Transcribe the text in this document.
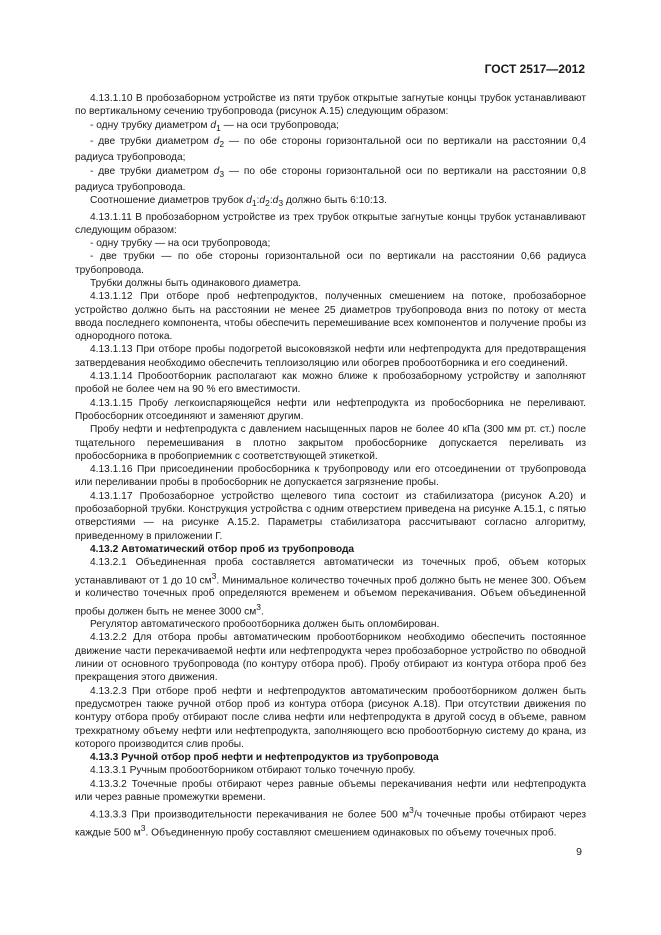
ГОСТ 2517—2012

4.13.1.10 В пробозаборном устройстве из пяти трубок открытые загнутые концы трубок устанавливают по вертикальному сечению трубопровода (рисунок А.15) следующим образом:

- одну трубку диаметром $d_1$ — на оси трубопровода;

- две трубки диаметром $d_2$ — по обе стороны горизонтальной оси по вертикали на расстоянии 0,4 радиуса трубопровода;

- две трубки диаметром $d_3$ — по обе стороны горизонтальной оси по вертикали на расстоянии 0,8 радиуса трубопровода.

Соотношение диаметров трубок $d_1:d_2:d_3$ должно быть 6:10:13.

4.13.1.11 В пробозаборном устройстве из трех трубок открытые загнутые концы трубок устанавливают следующим образом:

- одну трубку — на оси трубопровода;

- две трубки — по обе стороны горизонтальной оси по вертикали на расстоянии 0,66 радиуса трубопровода.

Трубки должны быть одинакового диаметра.

4.13.1.12 При отборе проб нефтепродуктов, полученных смешением на потоке, пробозаборное устройство должно быть на расстоянии не менее 25 диаметров трубопровода вниз по потоку от места ввода последнего компонента, чтобы обеспечить перемешивание всех компонентов и получение пробы из однородного потока.

4.13.1.13 При отборе пробы подогретой высоковязкой нефти или нефтепродукта для предотвращения затвердевания необходимо обеспечить теплоизоляцию или обогрев пробоотборника и его соединений.

4.13.1.14 Пробоотборник располагают как можно ближе к пробозаборному устройству и заполняют пробой не более чем на 90 % его вместимости.

4.13.1.15 Пробу легкоиспаряющейся нефти или нефтепродукта из пробосборника не переливают. Пробосборник отсоединяют и заменяют другим.

Пробу нефти и нефтепродукта с давлением насыщенных паров не более 40 кПа (300 мм рт. ст.) после тщательного перемешивания в плотно закрытом пробосборнике допускается переливать из пробосборника в пробоприемник с соответствующей этикеткой.

4.13.1.16 При присоединении пробосборника к трубопроводу или его отсоединении от трубопровода или переливании пробы в пробосборник не допускается загрязнение пробы.

4.13.1.17 Пробозаборное устройство щелевого типа состоит из стабилизатора (рисунок А.20) и пробозаборной трубки. Конструкция устройства с одним отверстием приведена на рисунке А.15.1, с пятью отверстиями — на рисунке А.15.2. Параметры стабилизатора рассчитывают согласно алгоритму, приведенному в приложении Г.

4.13.2 Автоматический отбор проб из трубопровода

4.13.2.1 Объединенная проба составляется автоматически из точечных проб, объем которых устанавливают от 1 до 10 $см^3$. Минимальное количество точечных проб должно быть не менее 300. Объем и количество точечных проб определяются временем и объемом перекачивания. Объем объединенной пробы должен быть не менее 3000 $см^3$.

Регулятор автоматического пробоотборника должен быть опломбирован.

4.13.2.2 Для отбора пробы автоматическим пробоотборником необходимо обеспечить постоянное движение части перекачиваемой нефти или нефтепродукта через пробозаборное устройство по обводной линии от основного трубопровода (по контуру отбора проб). Пробу отбирают из контура отбора проб без прекращения этого движения.

4.13.2.3 При отборе проб нефти и нефтепродуктов автоматическим пробоотборником должен быть предусмотрен также ручной отбор проб из контура отбора (рисунок А.18). При отсутствии движения по контуру отбора пробу отбирают после слива нефти или нефтепродукта в другой сосуд в объеме, равном трехкратному объему нефти или нефтепродукта, заполняющего всю пробоотборную систему до крана, из которого производится слив пробы.

4.13.3 Ручной отбор проб нефти и нефтепродуктов из трубопровода

4.13.3.1 Ручным пробоотборником отбирают только точечную пробу.

4.13.3.2 Точечные пробы отбирают через равные объемы перекачивания нефти или нефтепродукта или через равные промежутки времени.

4.13.3.3 При производительности перекачивания не более 500 $м^3/ч$ точечные пробы отбирают через каждые 500 $м^3$. Объединенную пробу составляют смешением одинаковых по объему точечных проб.

9
